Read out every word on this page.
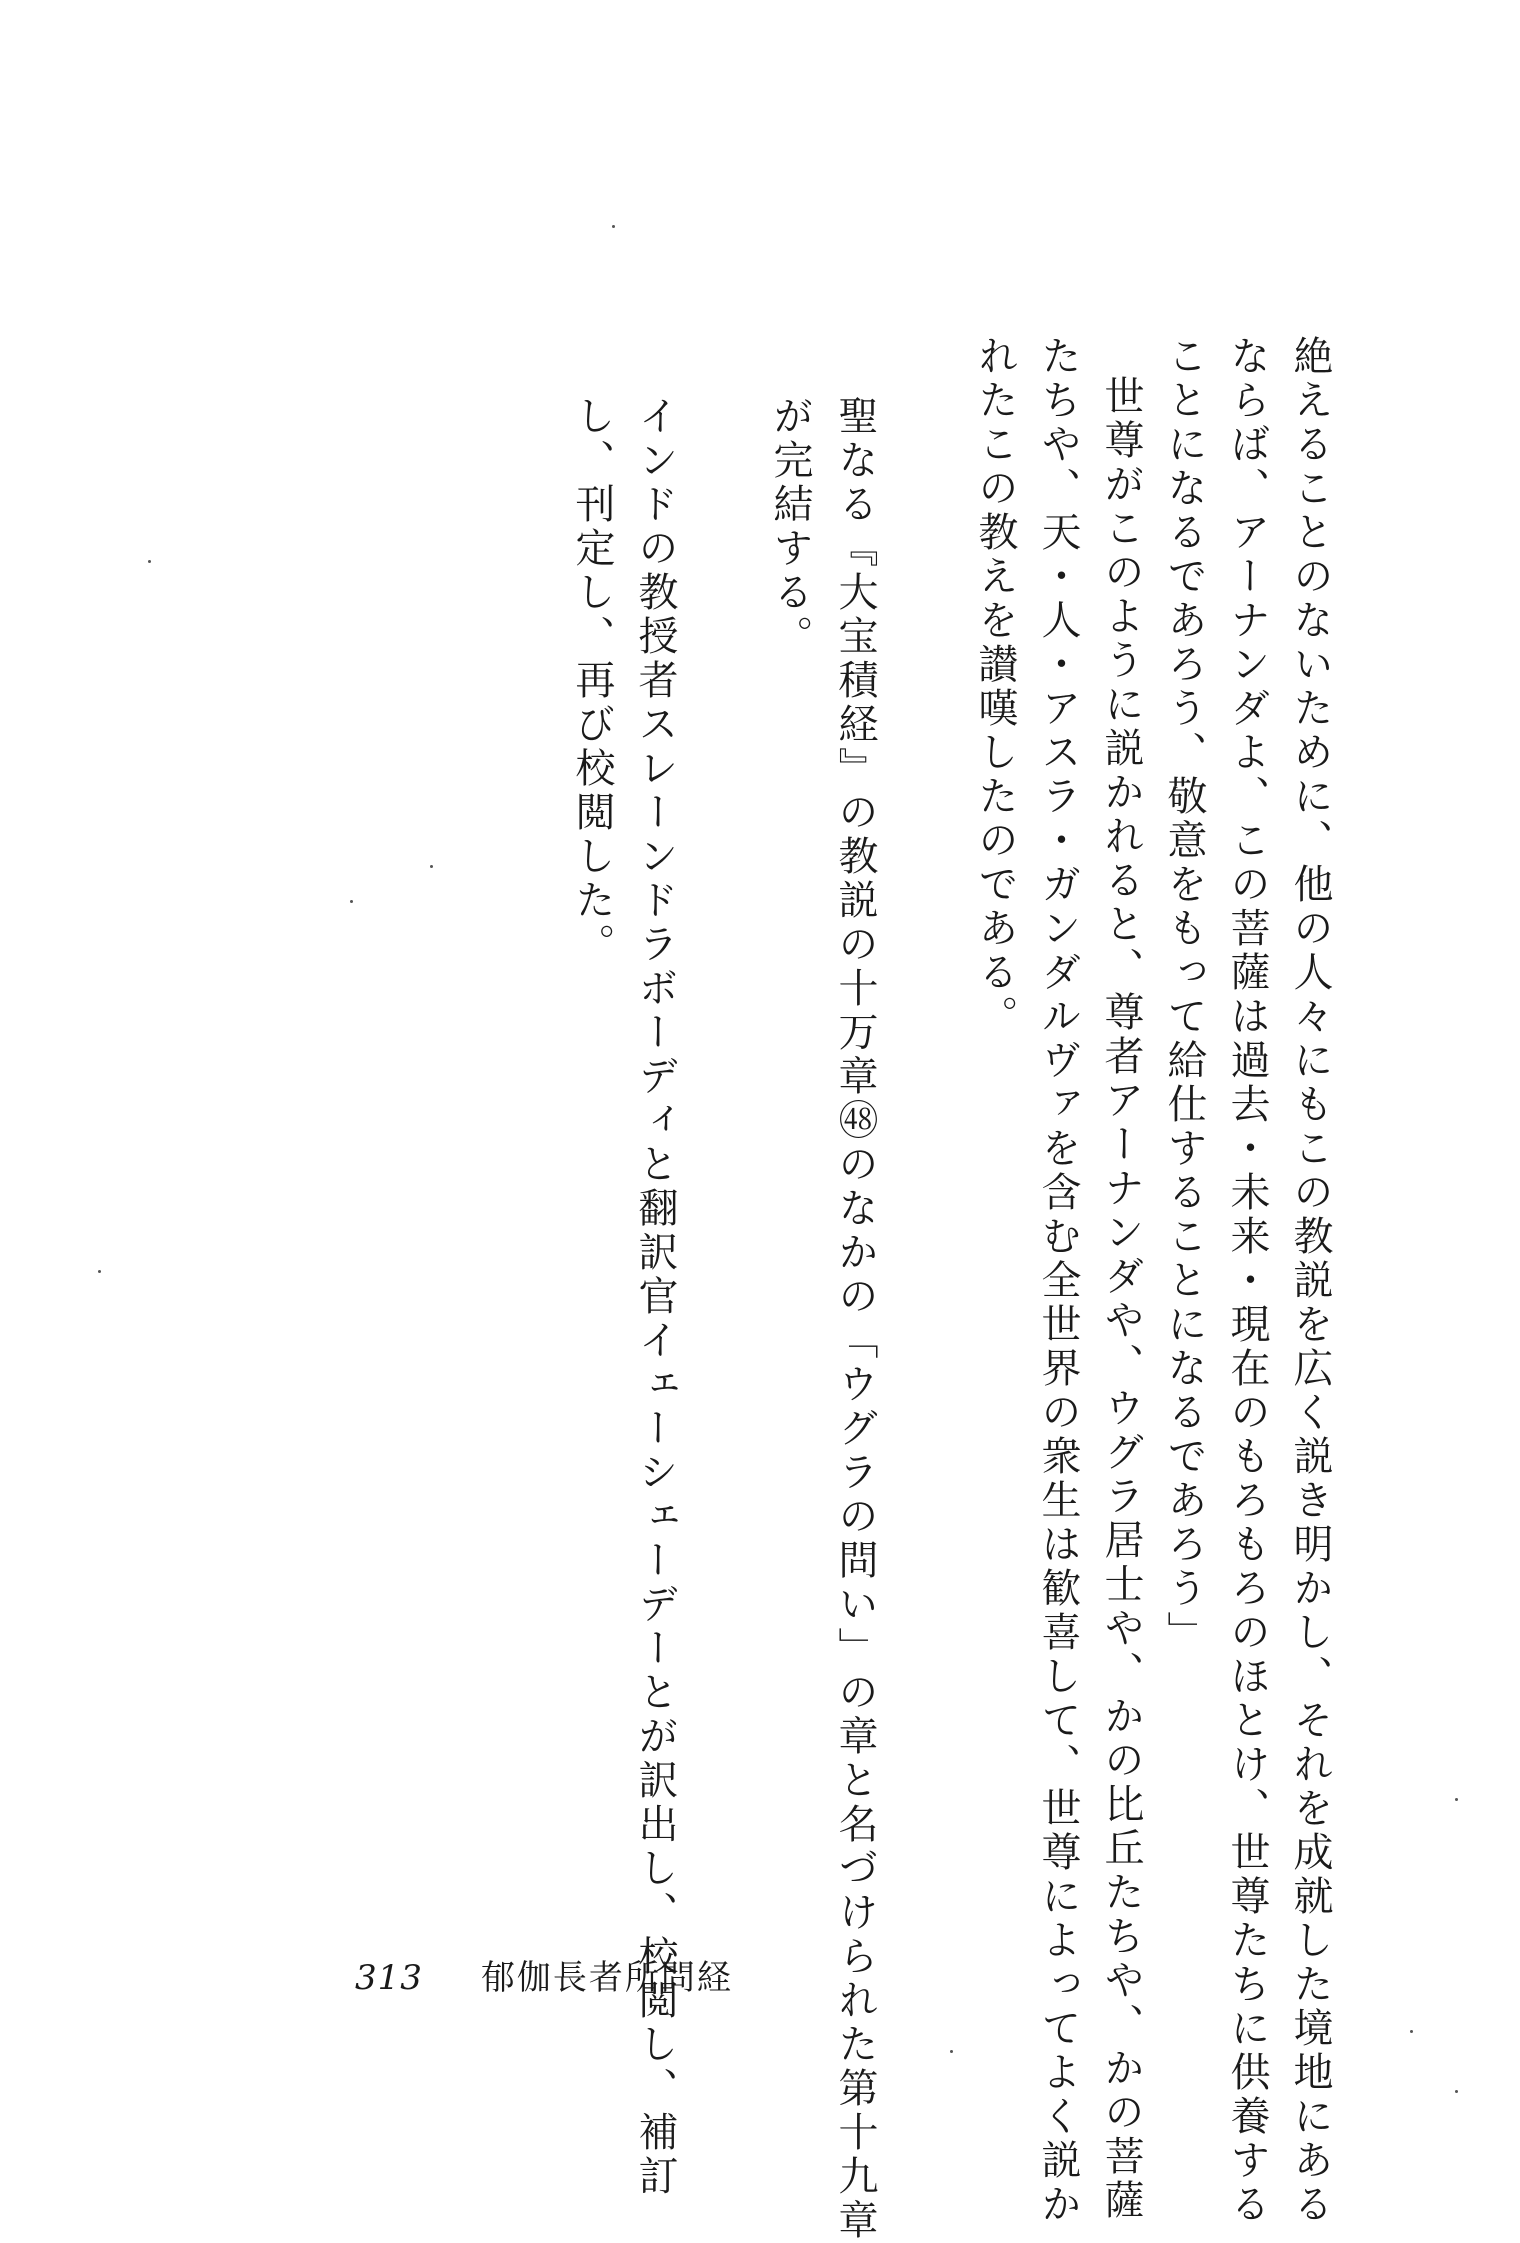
絶えることのないために、他の人々にもこの教説を広く説き明かし、それを成就した境地にある
ならば、アーナンダよ、この菩薩は過去・未来・現在のもろもろのほとけ、世尊たちに供養する
ことになるであろう、敬意をもって給仕することになるであろう」
世尊がこのように説かれると、尊者アーナンダや、ウグラ居士や、かの比丘たちや、かの菩薩
たちや、天・人・アスラ・ガンダルヴァを含む全世界の衆生は歓喜して、世尊によってよく説か
れたこの教えを讃嘆したのである。
聖なる『大宝積経』の教説の十万章㊽のなかの「ウグラの問い」の章と名づけられた第十九章
が完結する。
インドの教授者スレーンドラボーディと翻訳官イェーシェーデーとが訳出し、校閲し、補訂
し、刊定し、再び校閲した。
313 郁伽長者所問経
